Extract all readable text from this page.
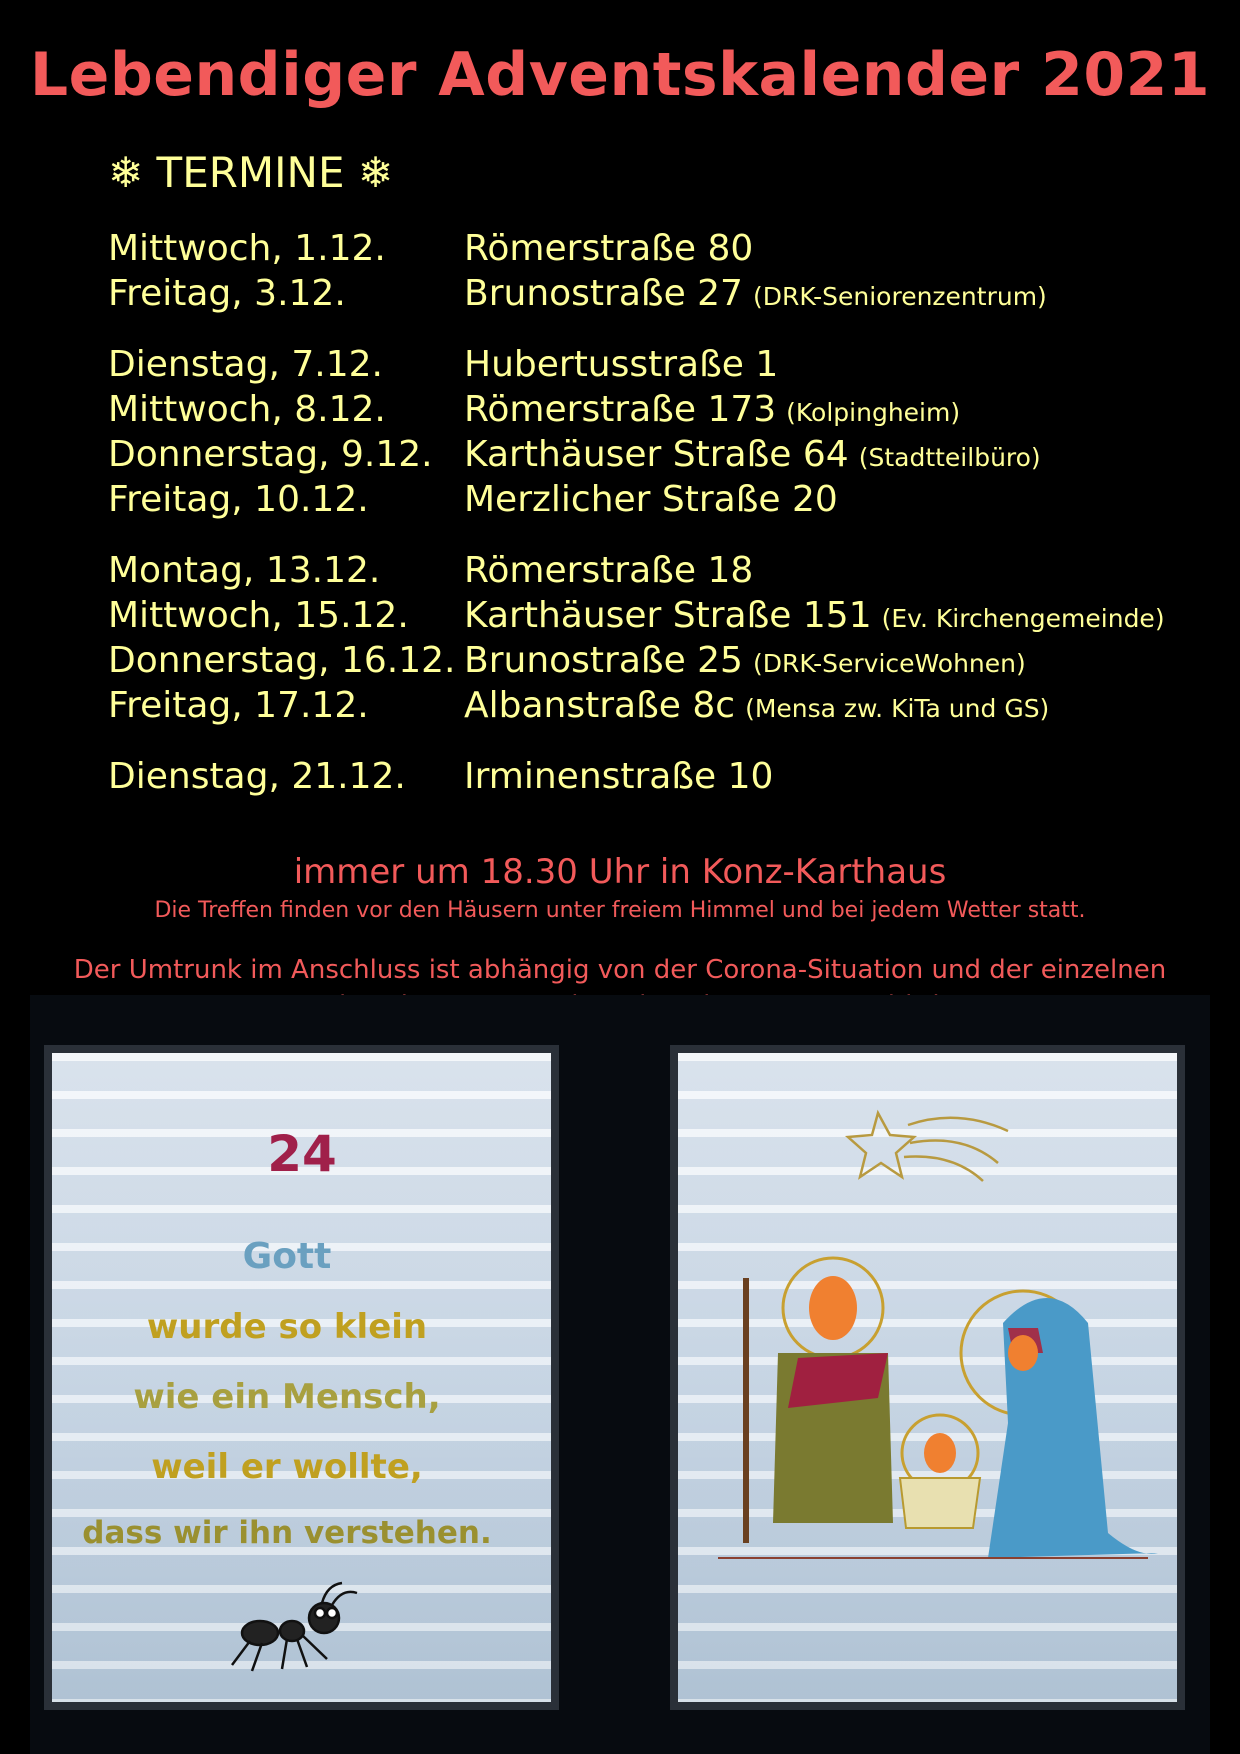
Lebendiger Adventskalender 2021
❄ TERMINE ❄
Mittwoch, 1.12.	Römerstraße 80
Freitag, 3.12.	Brunostraße 27 (DRK-Seniorenzentrum)
Dienstag, 7.12.	Hubertusstraße 1
Mittwoch, 8.12.	Römerstraße 173 (Kolpingheim)
Donnerstag, 9.12. Karthäuser Straße 64 (Stadtteilbüro)
Freitag, 10.12.	Merzlicher Straße 20
Montag, 13.12.	Römerstraße 18
Mittwoch, 15.12.	Karthäuser Straße 151 (Ev. Kirchengemeinde)
Donnerstag, 16.12. Brunostraße 25 (DRK-ServiceWohnen)
Freitag, 17.12.	Albanstraße 8c (Mensa zw. KiTa und GS)
Dienstag, 21.12.	Irminenstraße 10
immer um 18.30 Uhr in Konz-Karthaus
Die Treffen finden vor den Häusern unter freiem Himmel und bei jedem Wetter statt.
Der Umtrunk im Anschluss ist abhängig von der Corona-Situation und der einzelnen
24
Gott
wurde so klein
wie ein Mensch,
weil er wollte,
dass wir ihn verstehen.
